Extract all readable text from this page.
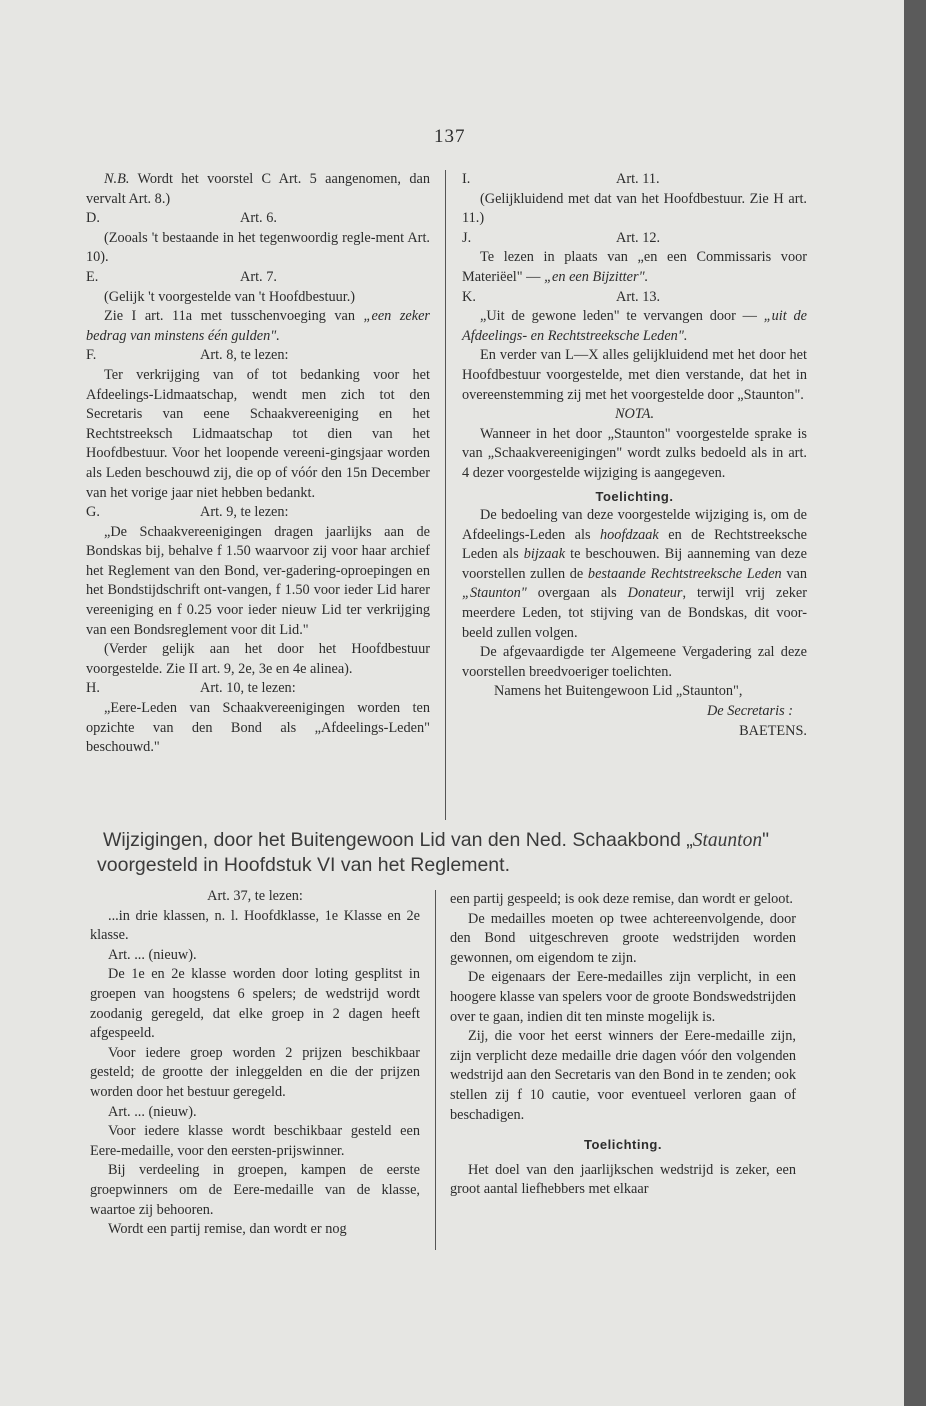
137

N.B. Wordt het voorstel C Art. 5 aangenomen, dan vervalt Art. 8.)

D.	Art. 6.

(Zooals 't bestaande in het tegenwoordig regle-ment Art. 10).

E.	Art. 7.

(Gelijk 't voorgestelde van 't Hoofdbestuur.)

Zie I art. 11a met tusschenvoeging van „een zeker bedrag van minstens één gulden".

F.	Art. 8, te lezen:

Ter verkrijging van of tot bedanking voor het Afdeelings-Lidmaatschap, wendt men zich tot den Secretaris van eene Schaakvereeniging en het Rechtstreeksch Lidmaatschap tot dien van het Hoofdbestuur. Voor het loopende vereeni-gingsjaar worden als Leden beschouwd zij, die op of vóór den 15n December van het vorige jaar niet hebben bedankt.

G.	Art. 9, te lezen:

„De Schaakvereenigingen dragen jaarlijks aan de Bondskas bij, behalve f 1.50 waarvoor zij voor haar archief het Reglement van den Bond, ver-gadering-oproepingen en het Bondstijdschrift ont-vangen, f 1.50 voor ieder Lid harer vereeniging en f 0.25 voor ieder nieuw Lid ter verkrijging van een Bondsreglement voor dit Lid."

(Verder gelijk aan het door het Hoofdbestuur voorgestelde. Zie II art. 9, 2e, 3e en 4e alinea).

H.	Art. 10, te lezen:

„Eere-Leden van Schaakvereenigingen worden ten opzichte van den Bond als „Afdeelings-Leden" beschouwd."

I.	Art. 11.

(Gelijkluidend met dat van het Hoofdbestuur. Zie H art. 11.)

J.	Art. 12.

Te lezen in plaats van „en een Commissaris voor Materiëel" — „en een Bijzitter".

K.	Art. 13.

„Uit de gewone leden" te vervangen door — „uit de Afdeelings- en Rechtstreeksche Leden".

En verder van L—X alles gelijkluidend met het door het Hoofdbestuur voorgestelde, met dien verstande, dat het in overeenstemming zij met het voorgestelde door „Staunton".

NOTA.

Wanneer in het door „Staunton" voorgestelde sprake is van „Schaakvereenigingen" wordt zulks bedoeld als in art. 4 dezer voorgestelde wijziging is aangegeven.

Toelichting.

De bedoeling van deze voorgestelde wijziging is, om de Afdeelings-Leden als hoofdzaak en de Rechtstreeksche Leden als bijzaak te beschouwen. Bij aanneming van deze voorstellen zullen de bestaande Rechtstreeksche Leden van „Staunton" overgaan als Donateur, terwijl vrij zeker meerdere Leden, tot stijving van de Bondskas, dit voor-beeld zullen volgen.

De afgevaardigde ter Algemeene Vergadering zal deze voorstellen breedvoeriger toelichten.

Namens het Buitengewoon Lid „Staunton",

De Secretaris :

BAETENS.

Wijzigingen, door het Buitengewoon Lid van den Ned. Schaakbond „Staunton"
voorgesteld in Hoofdstuk VI van het Reglement.

Art. 37, te lezen:

...in drie klassen, n. l. Hoofdklasse, 1e Klasse en 2e klasse.

Art. ... (nieuw).

De 1e en 2e klasse worden door loting gesplitst in groepen van hoogstens 6 spelers; de wedstrijd wordt zoodanig geregeld, dat elke groep in 2 dagen heeft afgespeeld.

Voor iedere groep worden 2 prijzen beschikbaar gesteld; de grootte der inleggelden en die der prijzen worden door het bestuur geregeld.

Art. ... (nieuw).

Voor iedere klasse wordt beschikbaar gesteld een Eere-medaille, voor den eersten-prijswinner.

Bij verdeeling in groepen, kampen de eerste groepwinners om de Eere-medaille van de klasse, waartoe zij behooren.

Wordt een partij remise, dan wordt er nog

een partij gespeeld; is ook deze remise, dan wordt er geloot.

De medailles moeten op twee achtereenvolgende, door den Bond uitgeschreven groote wedstrijden worden gewonnen, om eigendom te zijn.

De eigenaars der Eere-medailles zijn verplicht, in een hoogere klasse van spelers voor de groote Bondswedstrijden over te gaan, indien dit ten minste mogelijk is.

Zij, die voor het eerst winners der Eere-medaille zijn, zijn verplicht deze medaille drie dagen vóór den volgenden wedstrijd aan den Secretaris van den Bond in te zenden; ook stellen zij f 10 cautie, voor eventueel verloren gaan of beschadigen.

Toelichting.

Het doel van den jaarlijkschen wedstrijd is zeker, een groot aantal liefhebbers met elkaar
